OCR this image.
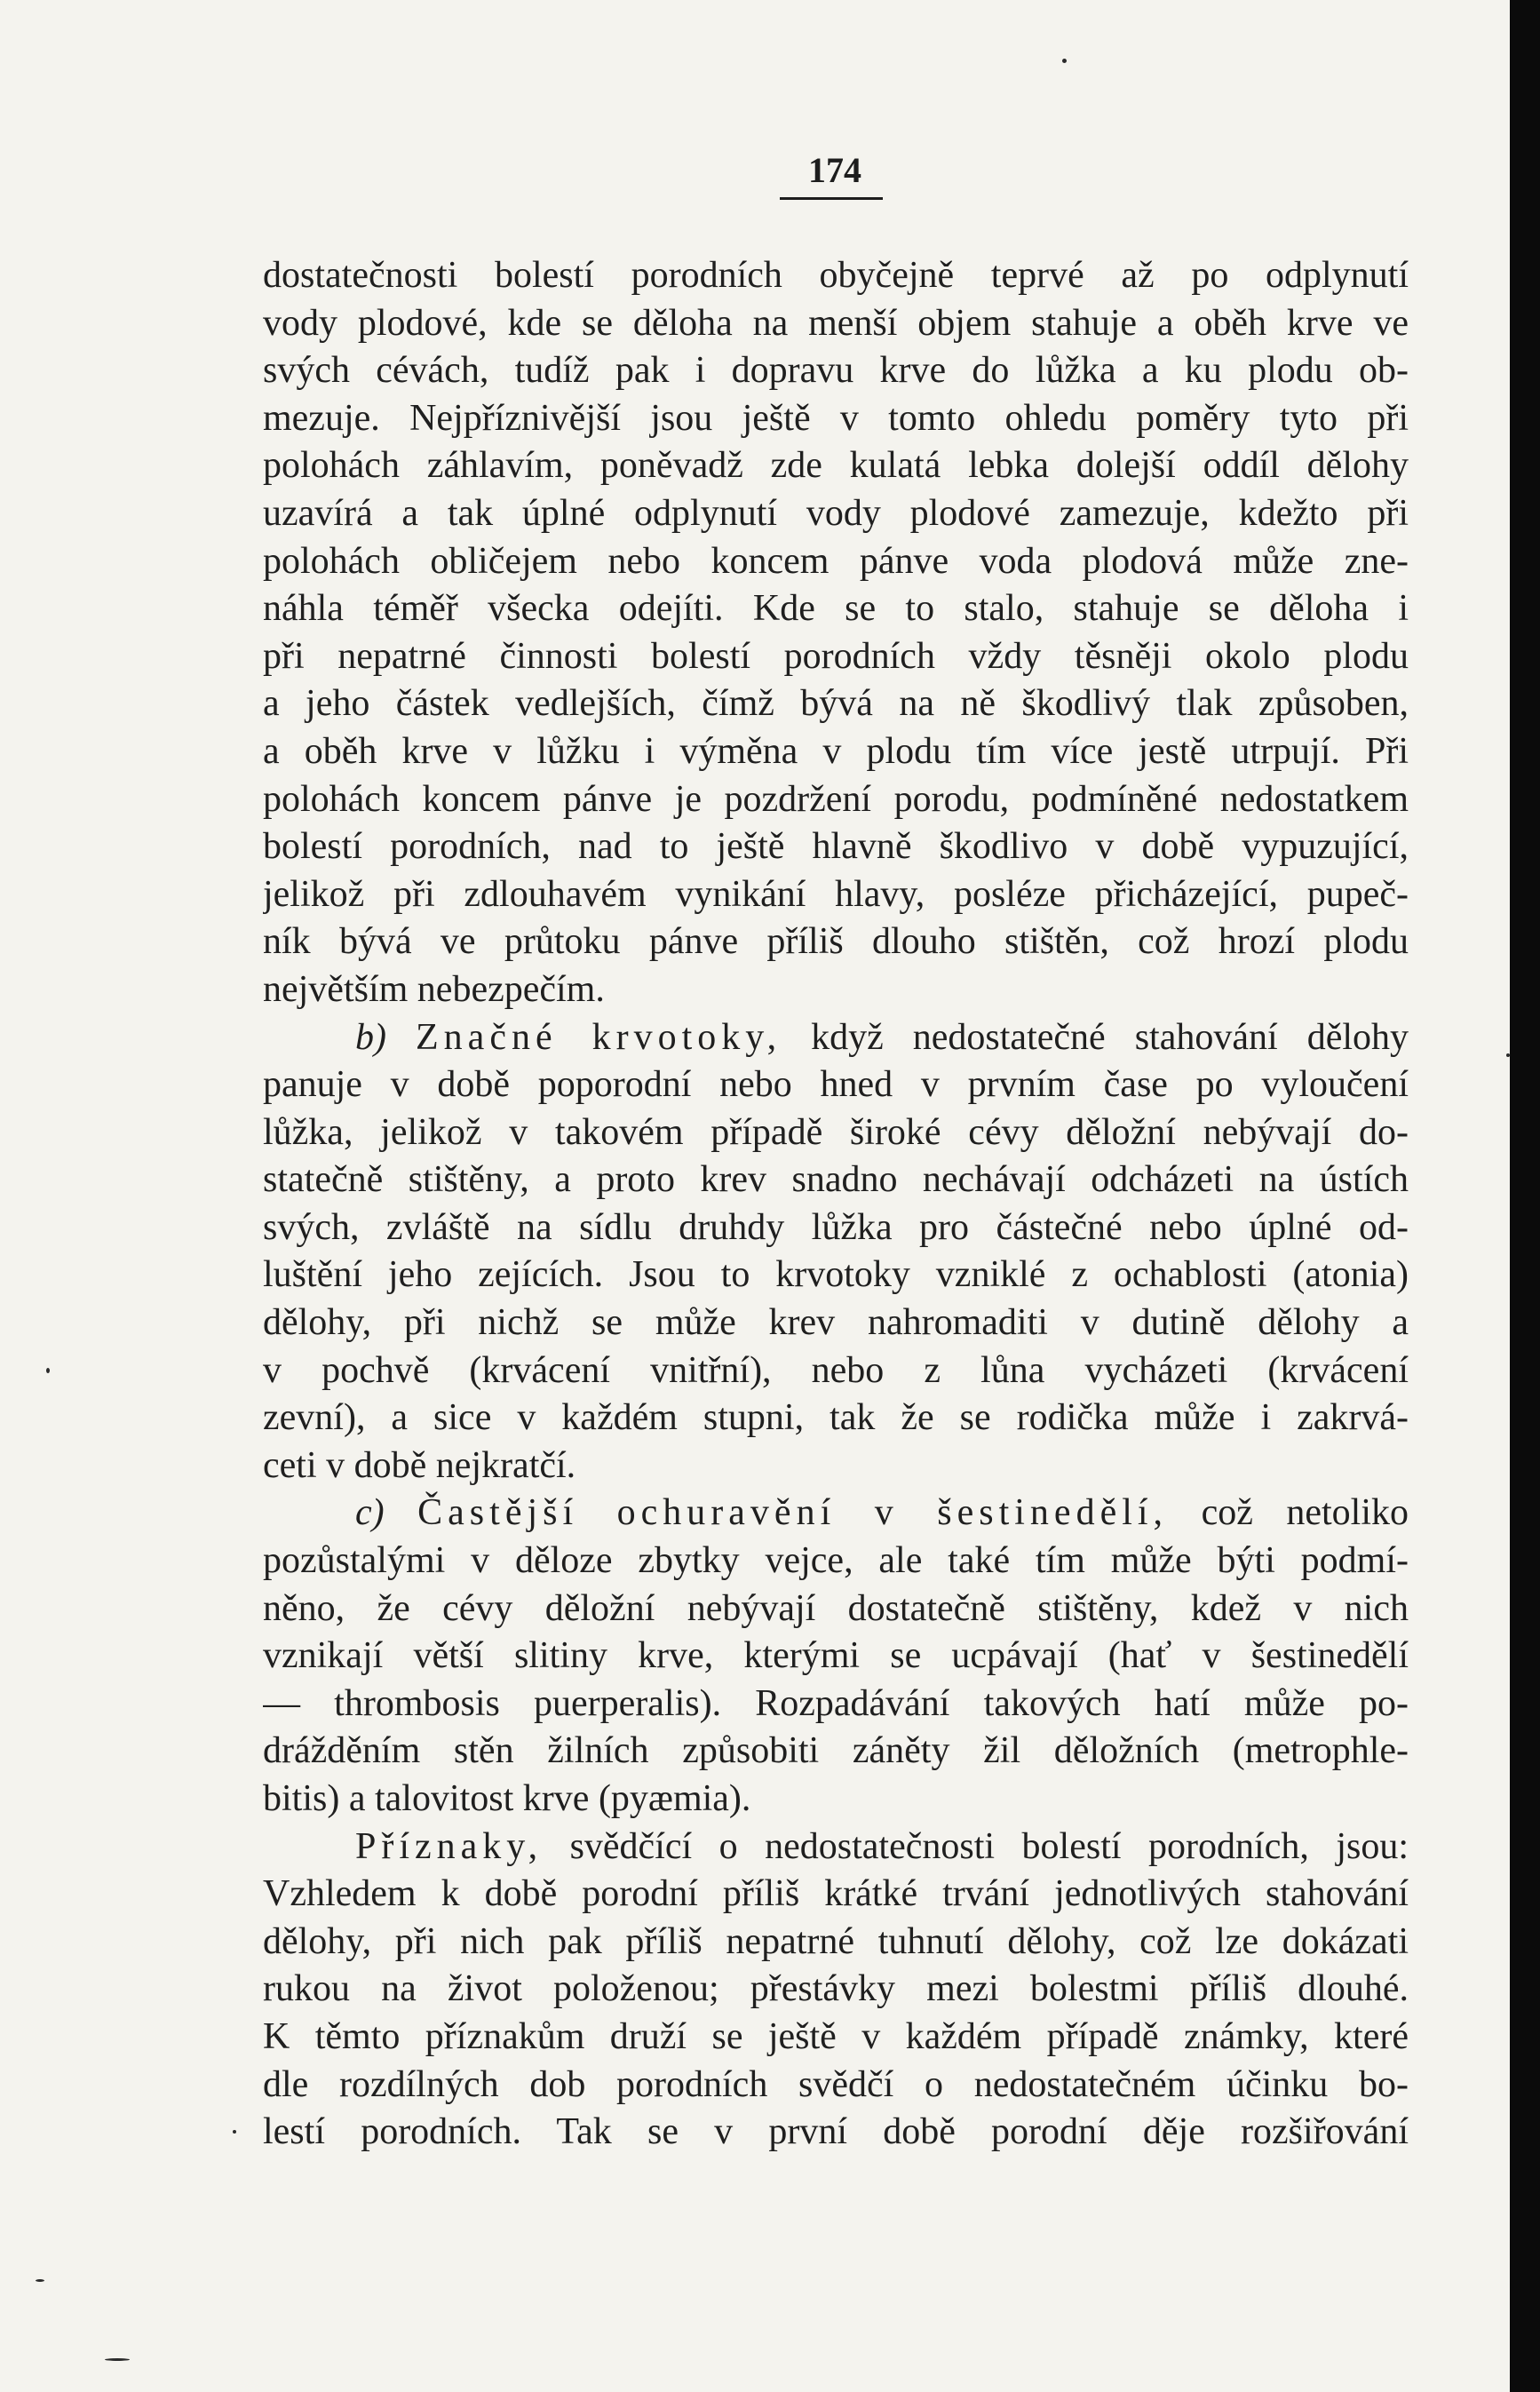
174
dostatečnosti bolestí porodních obyčejně teprvé až po odplynutí
vody plodové, kde se děloha na menší objem stahuje a oběh krve ve
svých cévách, tudíž pak i dopravu krve do lůžka a ku plodu ob-
mezuje. Nejpříznivější jsou ještě v tomto ohledu poměry tyto při
polohách záhlavím, poněvadž zde kulatá lebka dolejší oddíl dělohy
uzavírá a tak úplné odplynutí vody plodové zamezuje, kdežto při
polohách obličejem nebo koncem pánve voda plodová může zne-
náhla téměř všecka odejíti. Kde se to stalo, stahuje se děloha i
při nepatrné činnosti bolestí porodních vždy těsněji okolo plodu
a jeho částek vedlejších, čímž bývá na ně škodlivý tlak způsoben,
a oběh krve v lůžku i výměna v plodu tím více jestě utrpují. Při
polohách koncem pánve je pozdržení porodu, podmíněné nedostatkem
bolestí porodních, nad to ještě hlavně škodlivo v době vypuzující,
jelikož při zdlouhavém vynikání hlavy, posléze přicházející, pupeč-
ník bývá ve průtoku pánve příliš dlouho stištěn, což hrozí plodu
největším nebezpečím.
b) Značné krvotoky, když nedostatečné stahování dělohy
panuje v době poporodní nebo hned v prvním čase po vyloučení
lůžka, jelikož v takovém případě široké cévy děložní nebývají do-
statečně stištěny, a proto krev snadno nechávají odcházeti na ústích
svých, zvláště na sídlu druhdy lůžka pro částečné nebo úplné od-
luštění jeho zejících. Jsou to krvotoky vzniklé z ochablosti (atonia)
dělohy, při nichž se může krev nahromaditi v dutině dělohy a
v pochvě (krvácení vnitřní), nebo z lůna vycházeti (krvácení
zevní), a sice v každém stupni, tak že se rodička může i zakrvá-
ceti v době nejkratčí.
c) Častější ochuravění v šestinedělí, což netoliko
pozůstalými v děloze zbytky vejce, ale také tím může býti podmí-
něno, že cévy děložní nebývají dostatečně stištěny, kdež v nich
vznikají větší slitiny krve, kterými se ucpávají (hať v šestinedělí
— thrombosis puerperalis). Rozpadávání takových hatí může po-
drážděním stěn žilních způsobiti záněty žil děložních (metrophle-
bitis) a talovitost krve (pyæmia).
Příznaky, svědčící o nedostatečnosti bolestí porodních, jsou:
Vzhledem k době porodní příliš krátké trvání jednotlivých stahování
dělohy, při nich pak příliš nepatrné tuhnutí dělohy, což lze dokázati
rukou na život položenou; přestávky mezi bolestmi příliš dlouhé.
K těmto příznakům druží se ještě v každém případě známky, které
dle rozdílných dob porodních svědčí o nedostatečném účinku bo-
lestí porodních. Tak se v první době porodní děje rozšiřování
